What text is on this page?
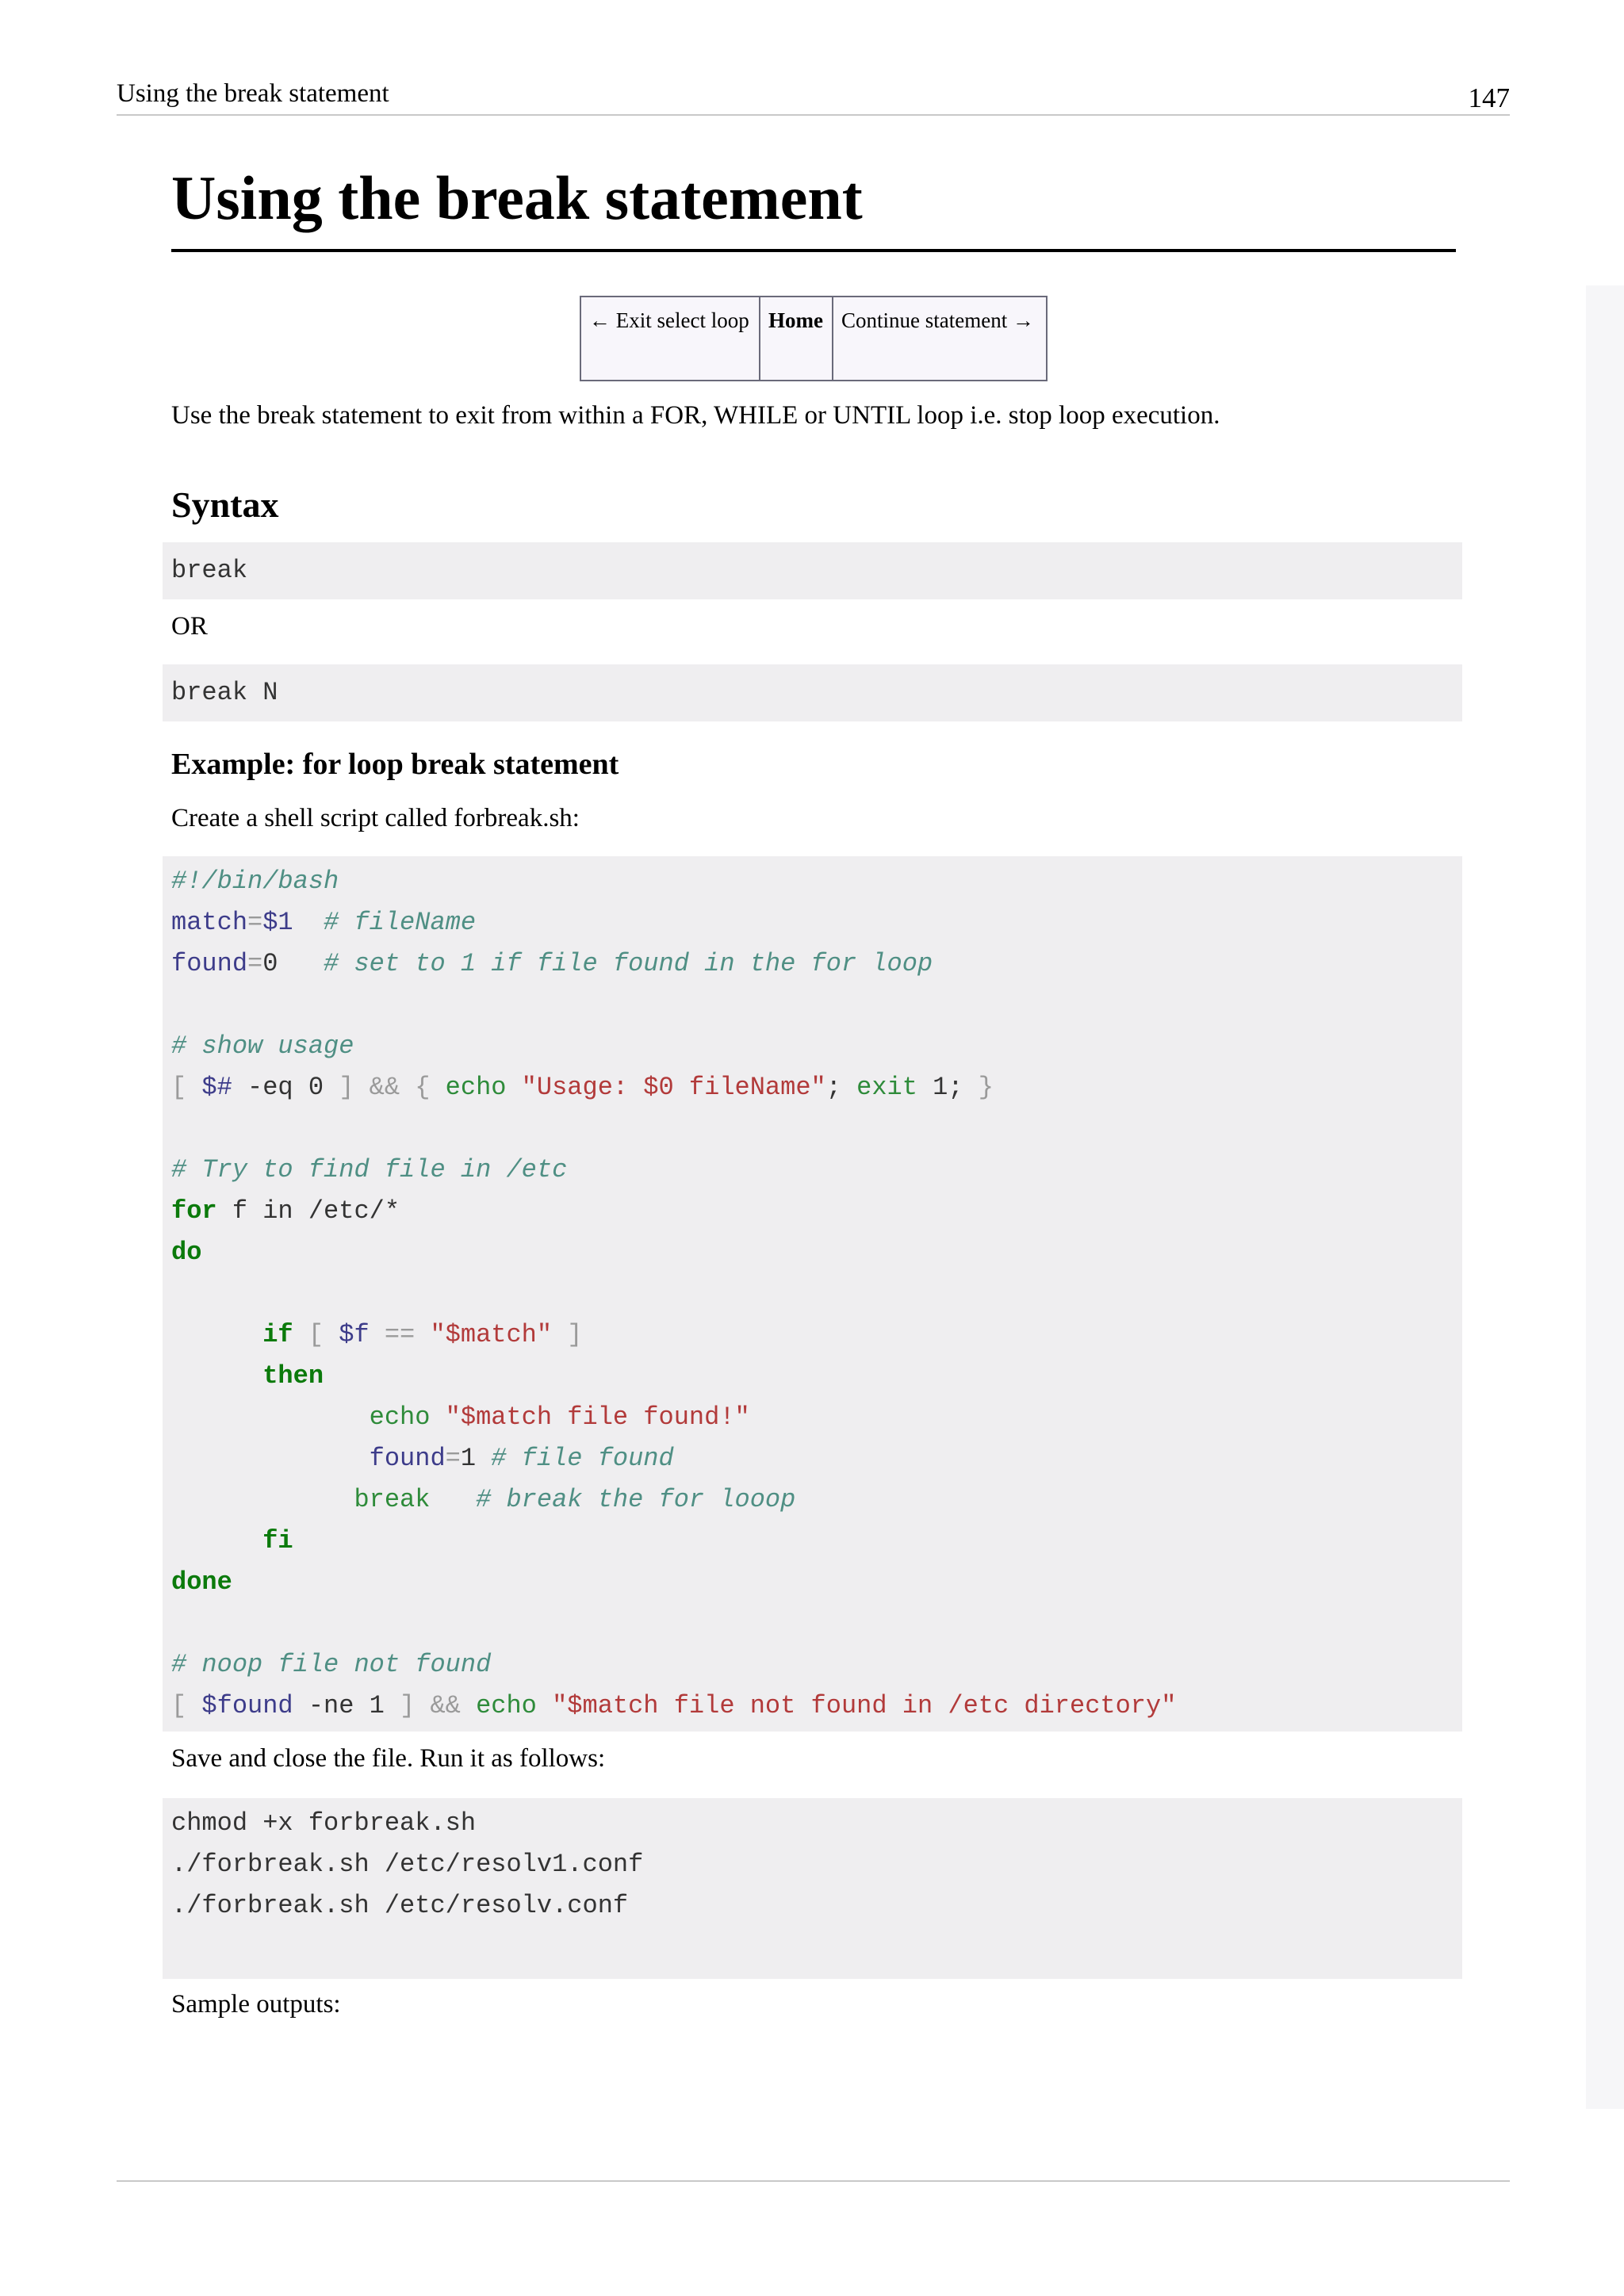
Using the break statement	147
Using the break statement
← Exit select loop Home Continue statement →

Use the break statement to exit from within a FOR, WHILE or UNTIL loop i.e. stop loop execution.

Syntax
break

OR

break N
Example: for loop break statement

Create a shell script called forbreak.sh:

#!/bin/bash
match=$1 # fileName
found=0   # set to 1 if file found in the for loop

# show usage
[ $# -eq 0 ] && { echo "Usage: $0 fileName"; exit 1; }

# Try to find file in /etc
for f in /etc/*
do

if [ $f == "$match" ]
then
echo "$match file found!"
found=1 # file found
break # break the for looop
fi
done

# noop file not found
[ $found -ne 1 ] && echo "$match file not found in /etc directory"

Save and close the file. Run it as follows:

chmod +x forbreak.sh
./forbreak.sh /etc/resolv1.conf
./forbreak.sh /etc/resolv.conf

Sample outputs:
